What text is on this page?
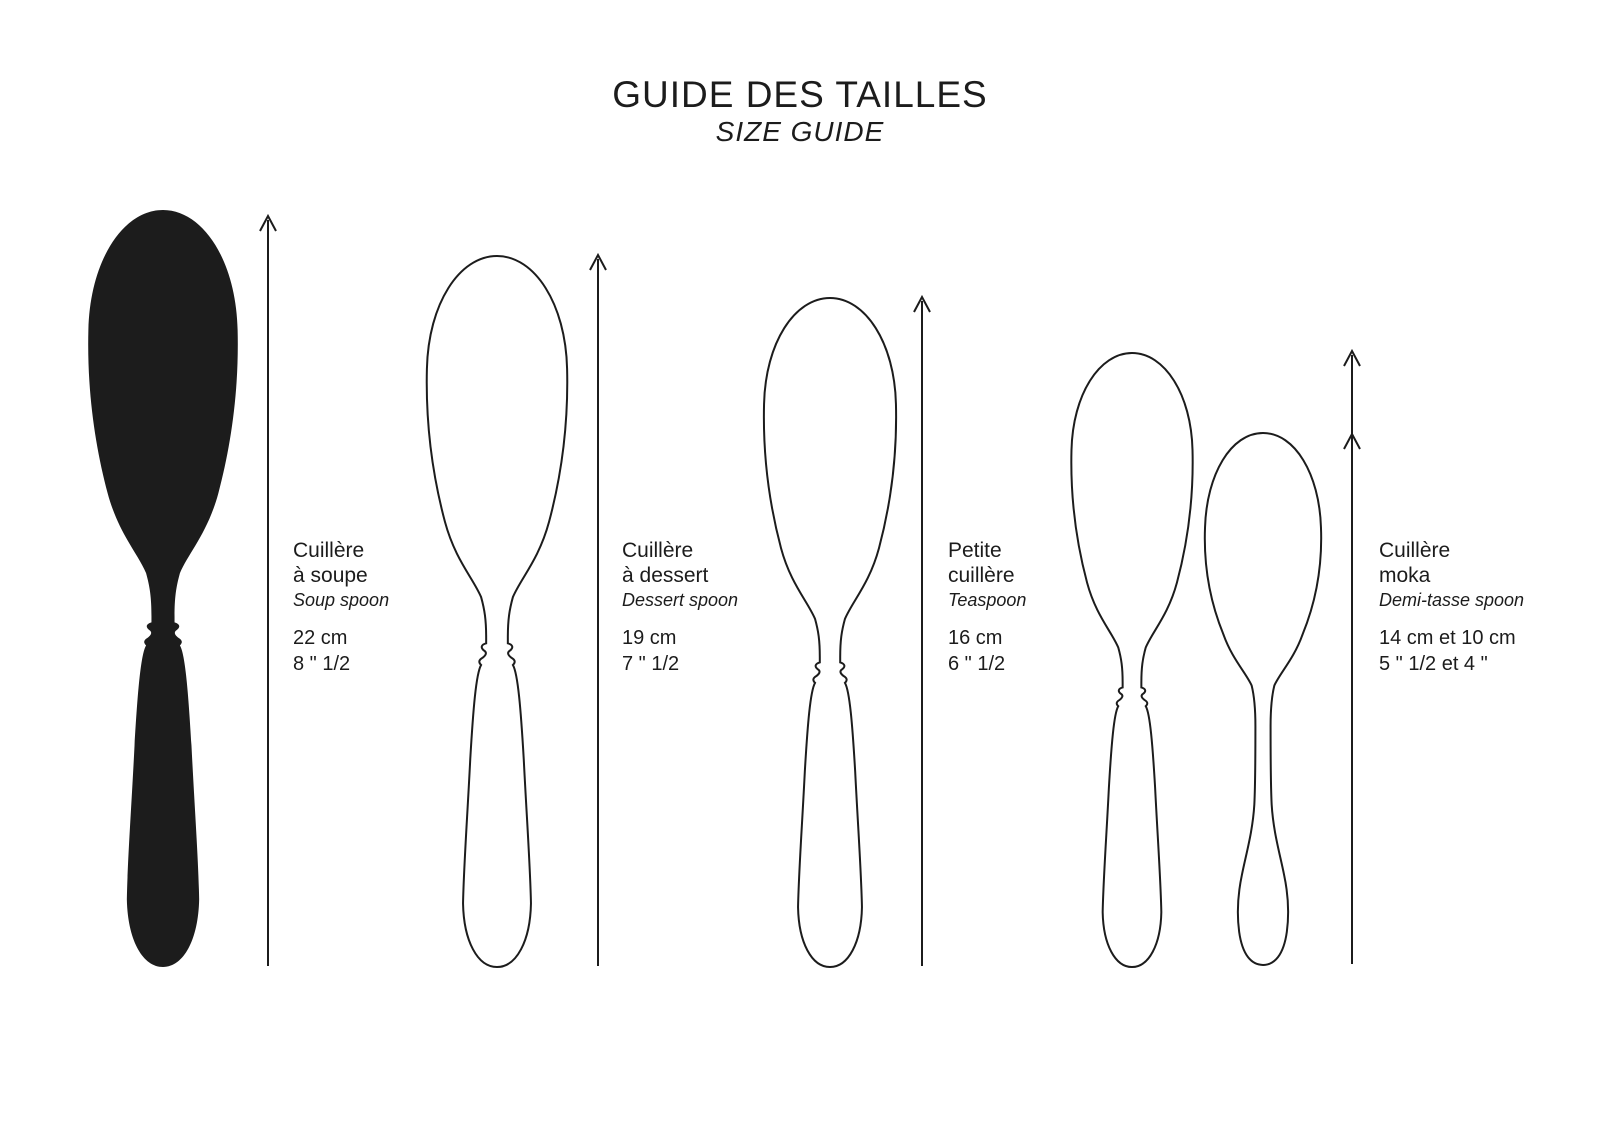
GUIDE DES TAILLES
SIZE GUIDE
Cuillère
à soupe
Soup spoon
22 cm
8 " 1/2
Cuillère
à dessert
Dessert spoon
19 cm
7 " 1/2
Petite
cuillère
Teaspoon
16 cm
6 " 1/2
Cuillère
moka
Demi-tasse spoon
14 cm et 10 cm
5 " 1/2 et 4 "
